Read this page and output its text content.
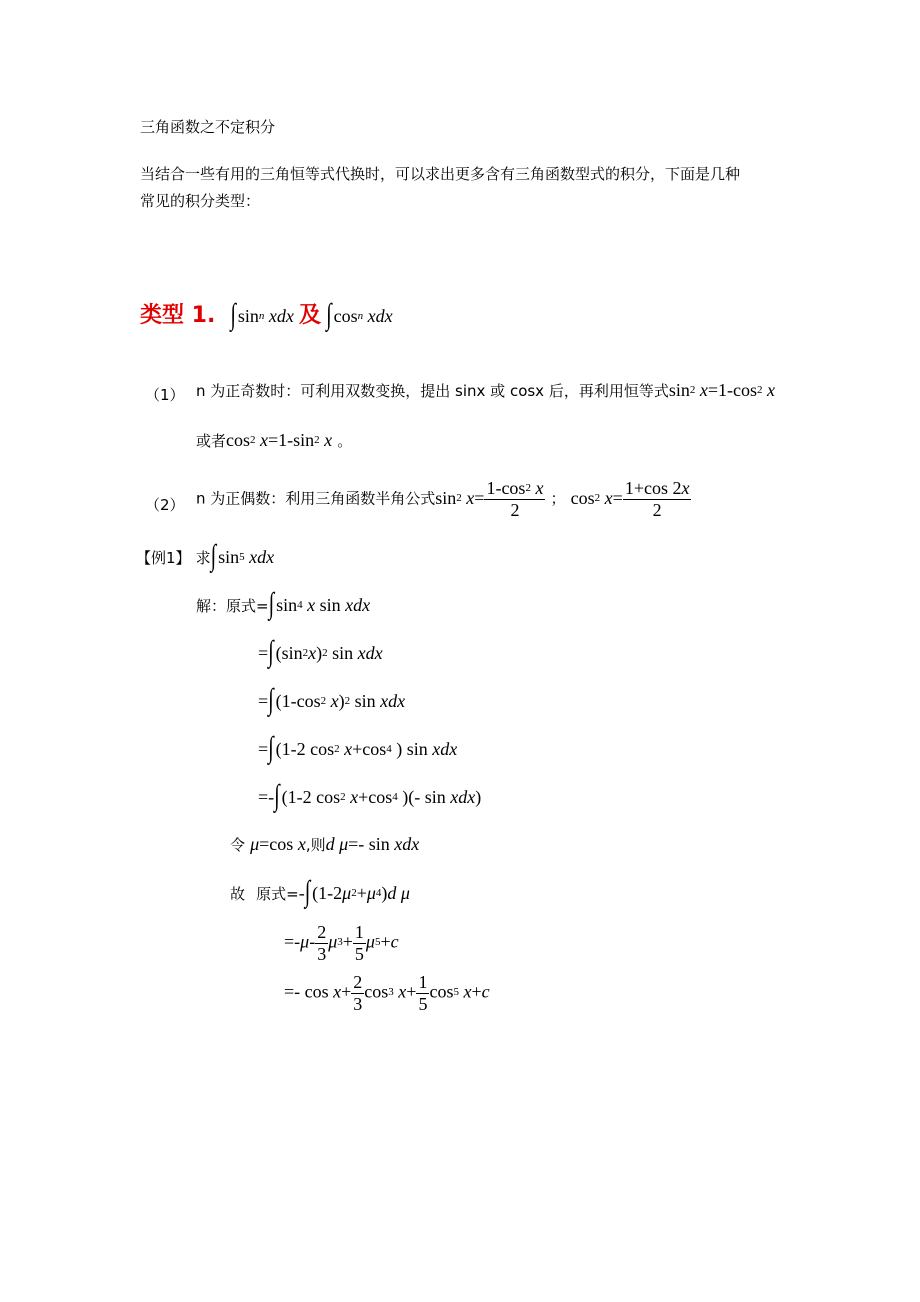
三角函数之不定积分
当结合一些有用的三角恒等式代换时，可以求出更多含有三角函数型式的积分，下面是几种
常见的积分类型：
类型 1. ∫ $\sin^n$ xdx 及 ∫ $\cos^n$ xdx
（1） n 为正奇数时：可利用双数变换，提出 sinx 或 cosx 后，再利用恒等式$\sin^2 x=1-\cos^2$ x
或者$\cos^2 x=1-\sin^2$ x 。
（2） n 为正偶数：利用三角函数半角公式$\sin^2 x= \frac{1-\cos^2 x}{2}$ ； $\cos^2 x= \frac{1+\cos 2x}{2}$
【例1】 求∫ $\sin^5$ xdx
解：原式=∫ $\sin^4 x$ sin xdx
=∫ $(\sin^2x)^2$ sin xdx
=∫ ($1-\cos^2$ x)$^2$ sin xdx
=∫ (1-2 $\cos^2 x+\cos^4$ ) sin xdx
=-∫ (1-2 $\cos^2 x+\cos^4$ )(- sin xdx)
令 μ=cos x,则d μ=- sin xdx
故 原式=-∫ $(1-2\mu^2+\mu^4)d$ μ
$=-\mu- \frac{2}{3} \mu^3+ \frac{1}{5} \mu^5+c$
=- $\cos x+ \frac{2}{3} \cos^3 x+ \frac{1}{5} \cos^5 x+c$
